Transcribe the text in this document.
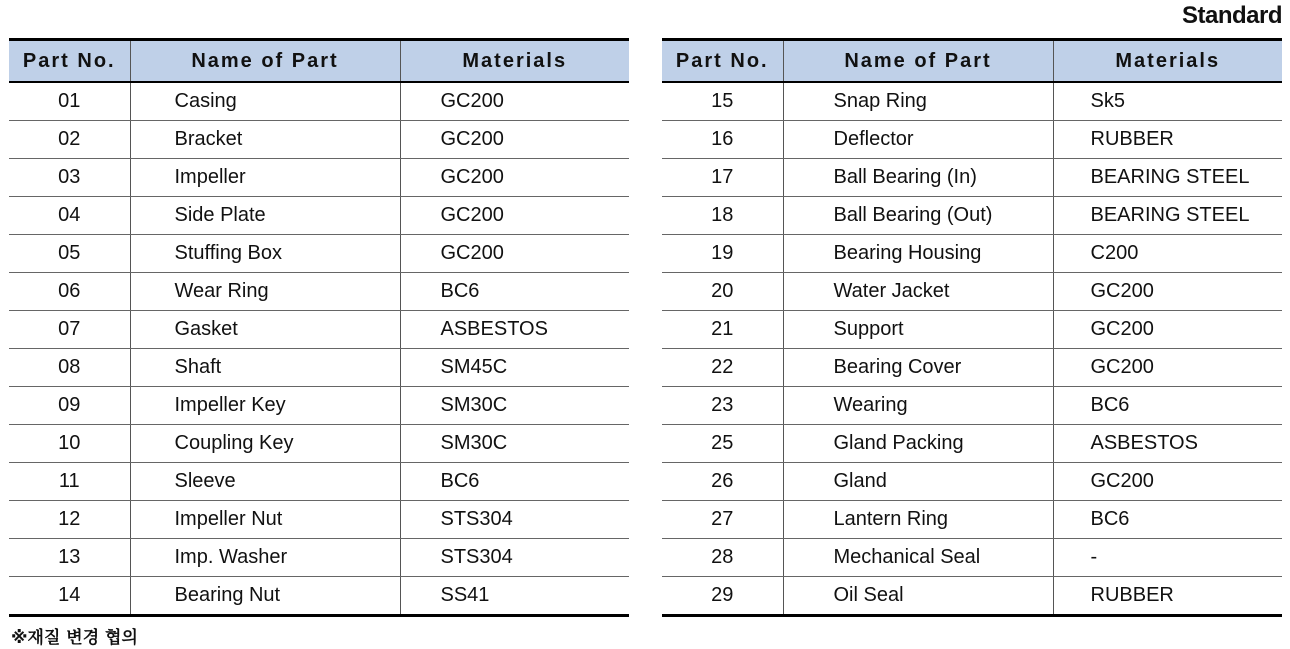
Standard
Part No.	Name of Part	Materials
01	Casing	GC200
02	Bracket	GC200
03	Impeller	GC200
04	Side Plate	GC200
05	Stuffing Box	GC200
06	Wear Ring	BC6
07	Gasket	ASBESTOS
08	Shaft	SM45C
09	Impeller Key	SM30C
10	Coupling Key	SM30C
11	Sleeve	BC6
12	Impeller Nut	STS304
13	Imp. Washer	STS304
14	Bearing Nut	SS41
Part No.	Name of Part	Materials
15	Snap Ring	Sk5
16	Deflector	RUBBER
17	Ball Bearing (In)	BEARING STEEL
18	Ball Bearing (Out)	BEARING STEEL
19	Bearing Housing	C200
20	Water Jacket	GC200
21	Support	GC200
22	Bearing Cover	GC200
23	Wearing	BC6
25	Gland Packing	ASBESTOS
26	Gland	GC200
27	Lantern Ring	BC6
28	Mechanical Seal	-
29	Oil Seal	RUBBER
※재질 변경 협의
